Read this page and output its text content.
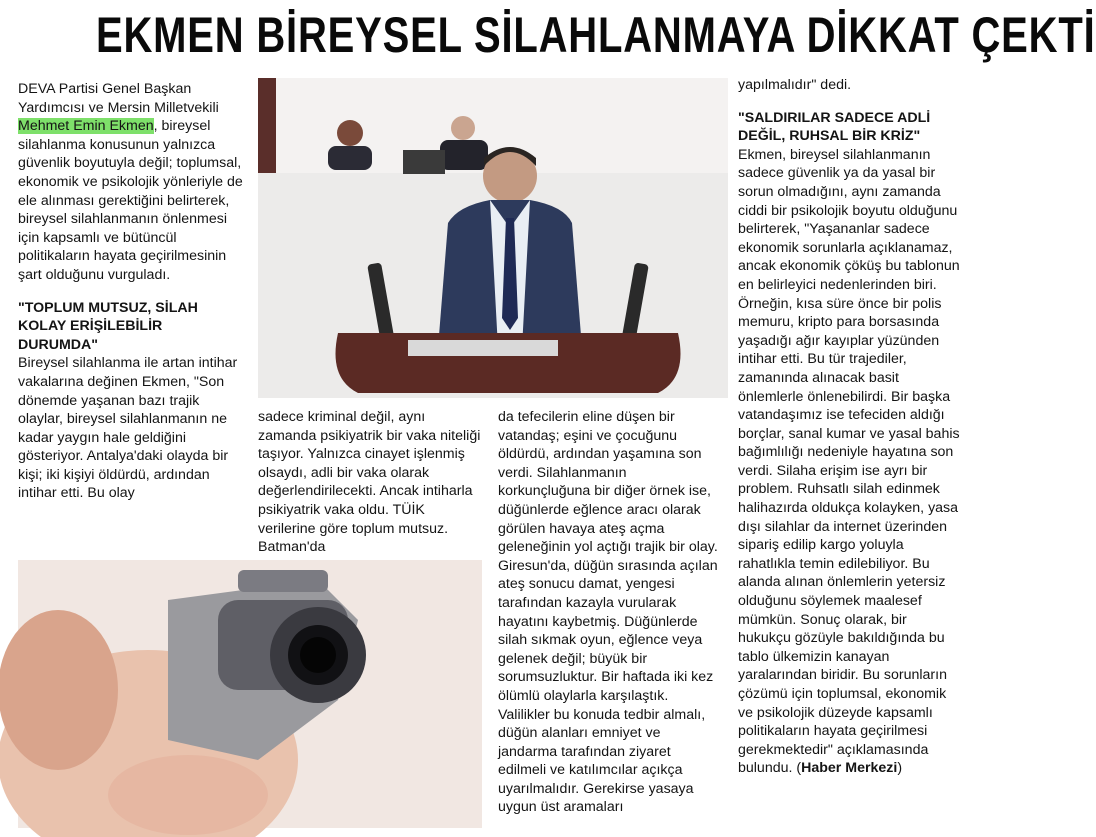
EKMEN BİREYSEL SİLAHLANMAYA DİKKAT ÇEKTİ

DEVA Partisi Genel Başkan Yardımcısı ve Mersin Milletvekili Mehmet Emin Ekmen, bireysel silahlanma konusunun yalnızca güvenlik boyutuyla değil; toplumsal, ekonomik ve psikolojik yönleriyle de ele alınması gerektiğini belirterek, bireysel silahlanmanın önlenmesi için kapsamlı ve bütüncül politikaların hayata geçirilmesinin şart olduğunu vurguladı.

"TOPLUM MUTSUZ, SİLAH KOLAY ERİŞİLEBİLİR DURUMDA"

Bireysel silahlanma ile artan intihar vakalarına değinen Ekmen, "Son dönemde yaşanan bazı trajik olaylar, bireysel silahlanmanın ne kadar yaygın hale geldiğini gösteriyor. Antalya'daki olayda bir kişi; iki kişiyi öldürdü, ardından intihar etti. Bu olay

sadece kriminal değil, aynı zamanda psikiyatrik bir vaka niteliği taşıyor. Yalnızca cinayet işlenmiş olsaydı, adli bir vaka olarak değerlendirilecekti. Ancak intiharla psikiyatrik vaka oldu. TÜİK verilerine göre toplum mutsuz. Batman'da

da tefecilerin eline düşen bir vatandaş; eşini ve çocuğunu öldürdü, ardından yaşamına son verdi. Silahlanmanın korkunçluğuna bir diğer örnek ise, düğünlerde eğlence aracı olarak görülen havaya ateş açma geleneğinin yol açtığı trajik bir olay. Giresun'da, düğün sırasında açılan ateş sonucu damat, yengesi tarafından kazayla vurularak hayatını kaybetmiş. Düğünlerde silah sıkmak oyun, eğlence veya gelenek değil; büyük bir sorumsuzluktur. Bir haftada iki kez ölümlü olaylarla karşılaştık. Valilikler bu konuda tedbir almalı, düğün alanları emniyet ve jandarma tarafından ziyaret edilmeli ve katılımcılar açıkça uyarılmalıdır. Gerekirse yasaya uygun üst aramaları

yapılmalıdır" dedi.

"SALDIRILAR SADECE ADLİ DEĞİL, RUHSAL BİR KRİZ"

Ekmen, bireysel silahlanmanın sadece güvenlik ya da yasal bir sorun olmadığını, aynı zamanda ciddi bir psikolojik boyutu olduğunu belirterek, "Yaşananlar sadece ekonomik sorunlarla açıklanamaz, ancak ekonomik çöküş bu tablonun en belirleyici nedenlerinden biri. Örneğin, kısa süre önce bir polis memuru, kripto para borsasında yaşadığı ağır kayıplar yüzünden intihar etti. Bu tür trajediler, zamanında alınacak basit önlemlerle önlenebilirdi. Bir başka vatandaşımız ise tefeciden aldığı borçlar, sanal kumar ve yasal bahis bağımlılığı nedeniyle hayatına son verdi. Silaha erişim ise ayrı bir problem. Ruhsatlı silah edinmek halihazırda oldukça kolayken, yasa dışı silahlar da internet üzerinden sipariş edilip kargo yoluyla rahatlıkla temin edilebiliyor. Bu alanda alınan önlemlerin yetersiz olduğunu söylemek maalesef mümkün. Sonuç olarak, bir hukukçu gözüyle bakıldığında bu tablo ülkemizin kanayan yaralarından biridir. Bu sorunların çözümü için toplumsal, ekonomik ve psikolojik düzeyde kapsamlı politikaların hayata geçirilmesi gerekmektedir" açıklamasında bulundu. (Haber Merkezi)
